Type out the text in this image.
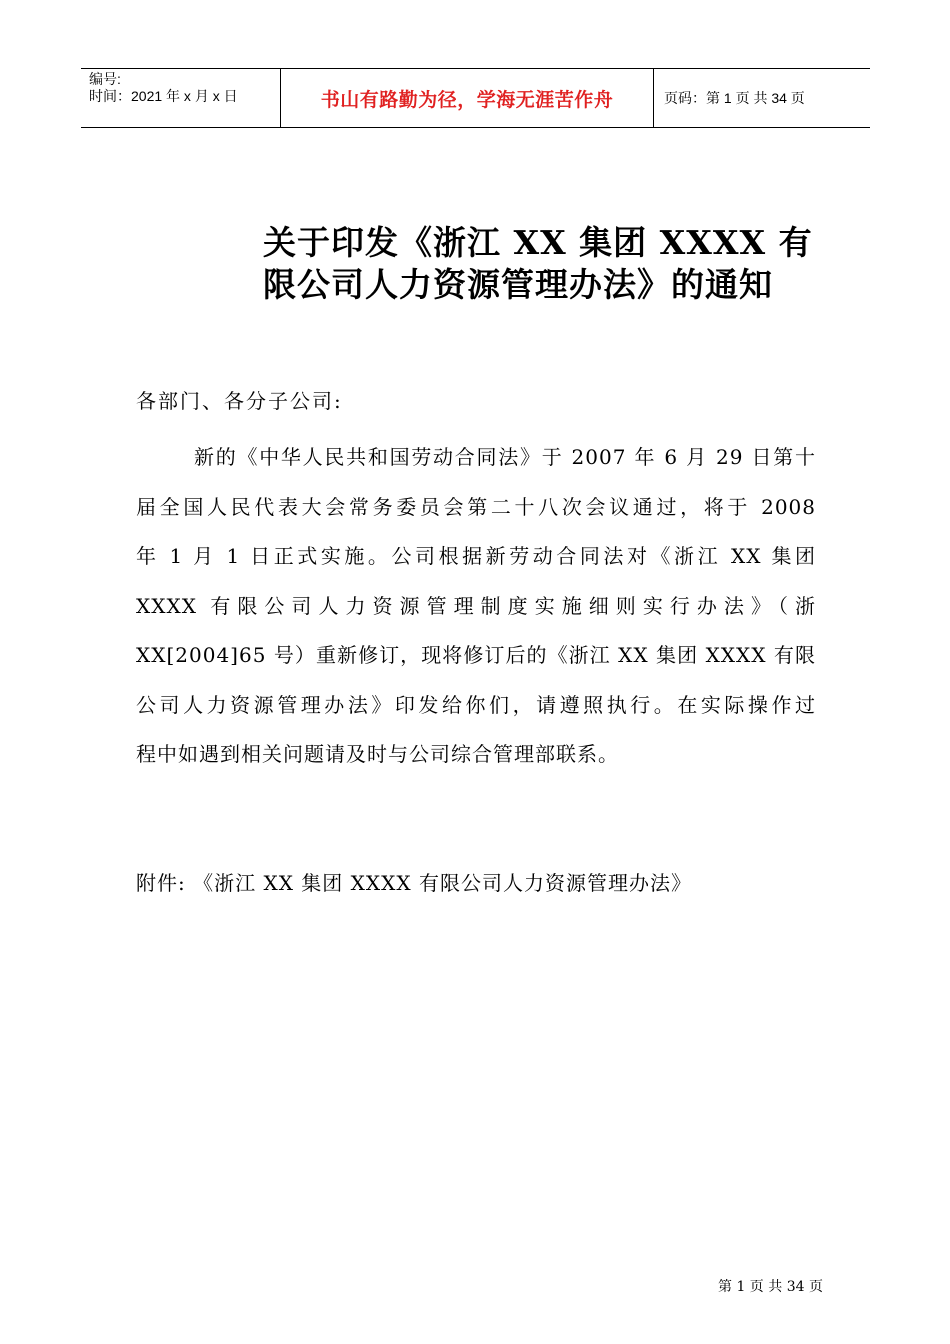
编号:
时间：2021 年 x 月 x 日	书山有路勤为径，学海无涯苦作舟	页码：第 1 页 共 34 页
关于印发《浙江 XX 集团 XXXX 有
限公司人力资源管理办法》的通知
各部门、各分子公司:
新的《中华人民共和国劳动合同法》于 2007 年 6 月 29 日第十
届全国人民代表大会常务委员会第二十八次会议通过，将于 2008
年 1 月 1 日正式实施。公司根据新劳动合同法对《浙江 XX 集团
XXXX 有限公司人力资源管理制度实施细则实行办法》（浙
XX[2004]65 号）重新修订，现将修订后的《浙江 XX 集团 XXXX 有限
公司人力资源管理办法》印发给你们，请遵照执行。在实际操作过
程中如遇到相关问题请及时与公司综合管理部联系。
附件: 《浙江 XX 集团 XXXX 有限公司人力资源管理办法》
第 1 页 共 34 页
